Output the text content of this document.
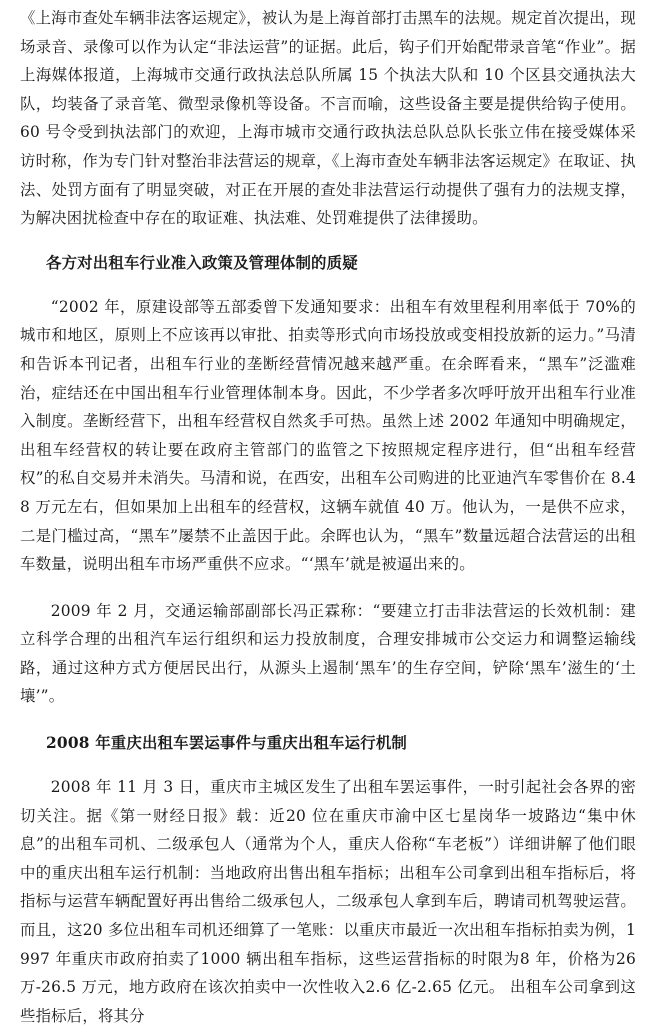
《上海市查处车辆非法客运规定》，被认为是上海首部打击黑车的法规。规定首次提出，现场录音、录像可以作为认定“非法运营”的证据。此后，钩子们开始配带录音笔“作业”。据上海媒体报道，上海城市交通行政执法总队所属 15 个执法大队和 10 个区县交通执法大队，均装备了录音笔、微型录像机等设备。不言而喻，这些设备主要是提供给钩子使用。60 号令受到执法部门的欢迎，上海市城市交通行政执法总队总队长张立伟在接受媒体采访时称，作为专门针对整治非法营运的规章，《上海市查处车辆非法客运规定》在取证、执法、处罚方面有了明显突破，对正在开展的查处非法营运行动提供了强有力的法规支撑，为解决困扰检查中存在的取证难、执法难、处罚难提供了法律援助。

各方对出租车行业准入政策及管理体制的质疑

“2002 年，原建设部等五部委曾下发通知要求：出租车有效里程利用率低于 70%的城市和地区，原则上不应该再以审批、拍卖等形式向市场投放或变相投放新的运力。”马清和告诉本刊记者，出租车行业的垄断经营情况越来越严重。在余晖看来，“黑车”泛滥难治，症结还在中国出租车行业管理体制本身。因此，不少学者多次呼吁放开出租车行业准入制度。垄断经营下，出租车经营权自然炙手可热。虽然上述 2002 年通知中明确规定，出租车经营权的转让要在政府主管部门的监管之下按照规定程序进行，但“出租车经营权”的私自交易并未消失。马清和说，在西安，出租车公司购进的比亚迪汽车零售价在 8.48 万元左右，但如果加上出租车的经营权，这辆车就值 40 万。他认为，一是供不应求，二是门槛过高，“黑车”屡禁不止盖因于此。余晖也认为，“黑车”数量远超合法营运的出租车数量，说明出租车市场严重供不应求。“‘黑车’就是被逼出来的。

2009 年 2 月，交通运输部副部长冯正霖称：“要建立打击非法营运的长效机制：建立科学合理的出租汽车运行组织和运力投放制度，合理安排城市公交运力和调整运输线路，通过这种方式方便居民出行，从源头上遏制‘黑车’的生存空间，铲除‘黑车’滋生的‘土壤’”。

2008 年重庆出租车罢运事件与重庆出租车运行机制

2008 年 11 月 3 日，重庆市主城区发生了出租车罢运事件，一时引起社会各界的密切关注。据《第一财经日报》载：近20 位在重庆市渝中区七星岗华一坡路边“集中休息”的出租车司机、二级承包人（通常为个人，重庆人俗称“车老板”）详细讲解了他们眼中的重庆出租车运行机制：当地政府出售出租车指标；出租车公司拿到出租车指标后，将指标与运营车辆配置好再出售给二级承包人，二级承包人拿到车后，聘请司机驾驶运营。而且，这20 多位出租车司机还细算了一笔账：以重庆市最近一次出租车指标拍卖为例，1997 年重庆市政府拍卖了1000 辆出租车指标，这些运营指标的时限为8 年，价格为26万-26.5 万元，地方政府在该次拍卖中一次性收入2.6 亿-2.65 亿元。 出租车公司拿到这些指标后，将其分
